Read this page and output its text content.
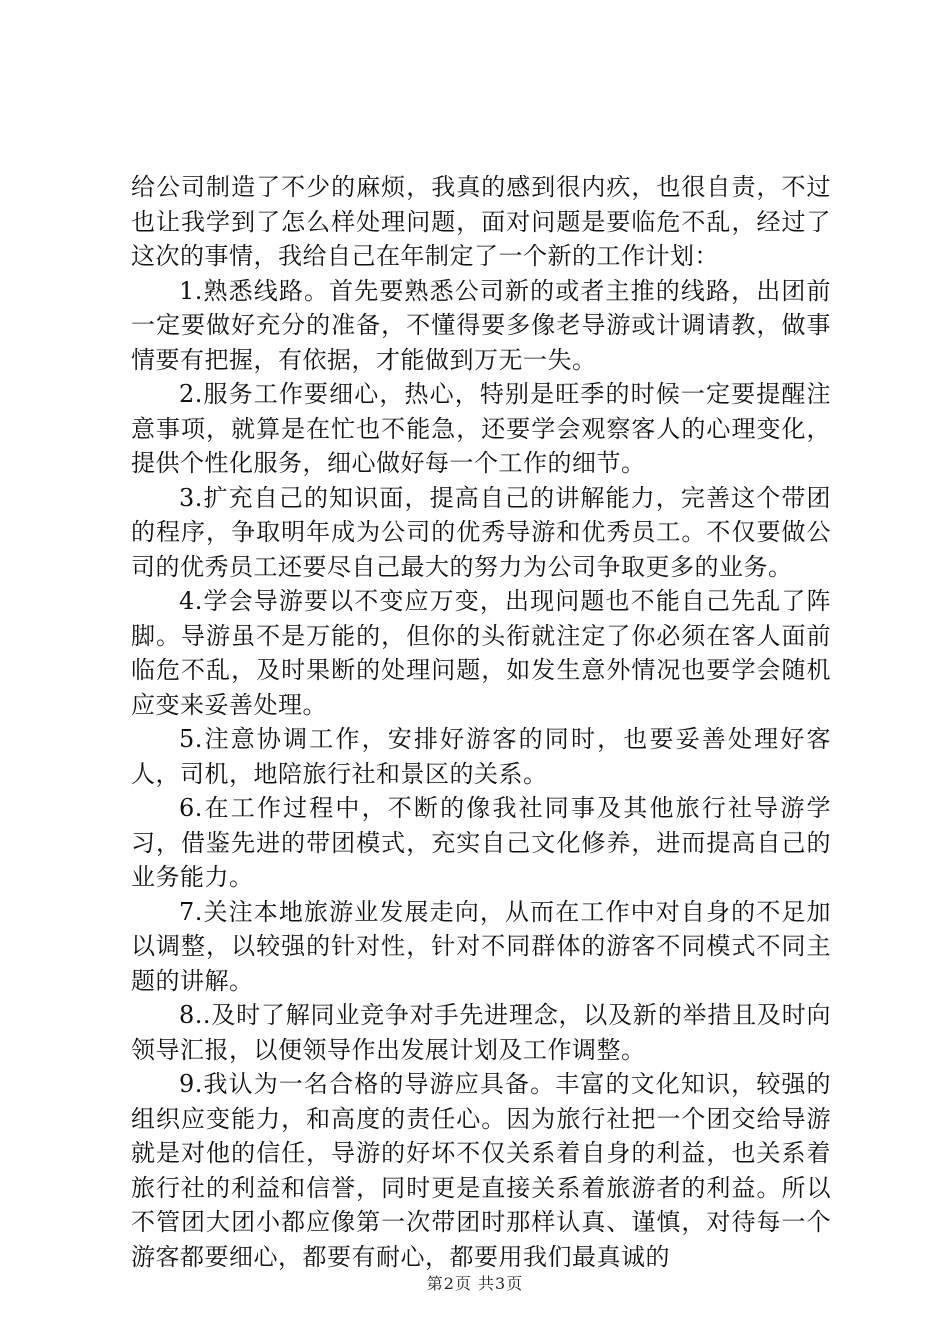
给公司制造了不少的麻烦，我真的感到很内疚，也很自责，不过也让我学到了怎么样处理问题，面对问题是要临危不乱，经过了这次的事情，我给自己在年制定了一个新的工作计划：

1.熟悉线路。首先要熟悉公司新的或者主推的线路，出团前一定要做好充分的准备，不懂得要多像老导游或计调请教，做事情要有把握，有依据，才能做到万无一失。

2.服务工作要细心，热心，特别是旺季的时候一定要提醒注意事项，就算是在忙也不能急，还要学会观察客人的心理变化，提供个性化服务，细心做好每一个工作的细节。

3.扩充自己的知识面，提高自己的讲解能力，完善这个带团的程序，争取明年成为公司的优秀导游和优秀员工。不仅要做公司的优秀员工还要尽自己最大的努力为公司争取更多的业务。

4.学会导游要以不变应万变，出现问题也不能自己先乱了阵脚。导游虽不是万能的，但你的头衔就注定了你必须在客人面前临危不乱，及时果断的处理问题，如发生意外情况也要学会随机应变来妥善处理。

5.注意协调工作，安排好游客的同时，也要妥善处理好客人，司机，地陪旅行社和景区的关系。

6.在工作过程中，不断的像我社同事及其他旅行社导游学习，借鉴先进的带团模式，充实自己文化修养，进而提高自己的业务能力。

7.关注本地旅游业发展走向，从而在工作中对自身的不足加以调整，以较强的针对性，针对不同群体的游客不同模式不同主题的讲解。

8..及时了解同业竞争对手先进理念，以及新的举措且及时向领导汇报，以便领导作出发展计划及工作调整。

9.我认为一名合格的导游应具备。丰富的文化知识，较强的组织应变能力，和高度的责任心。因为旅行社把一个团交给导游就是对他的信任，导游的好坏不仅关系着自身的利益，也关系着旅行社的利益和信誉，同时更是直接关系着旅游者的利益。所以不管团大团小都应像第一次带团时那样认真、谨慎，对待每一个游客都要细心，都要有耐心，都要用我们最真诚的

第2页 共3页
